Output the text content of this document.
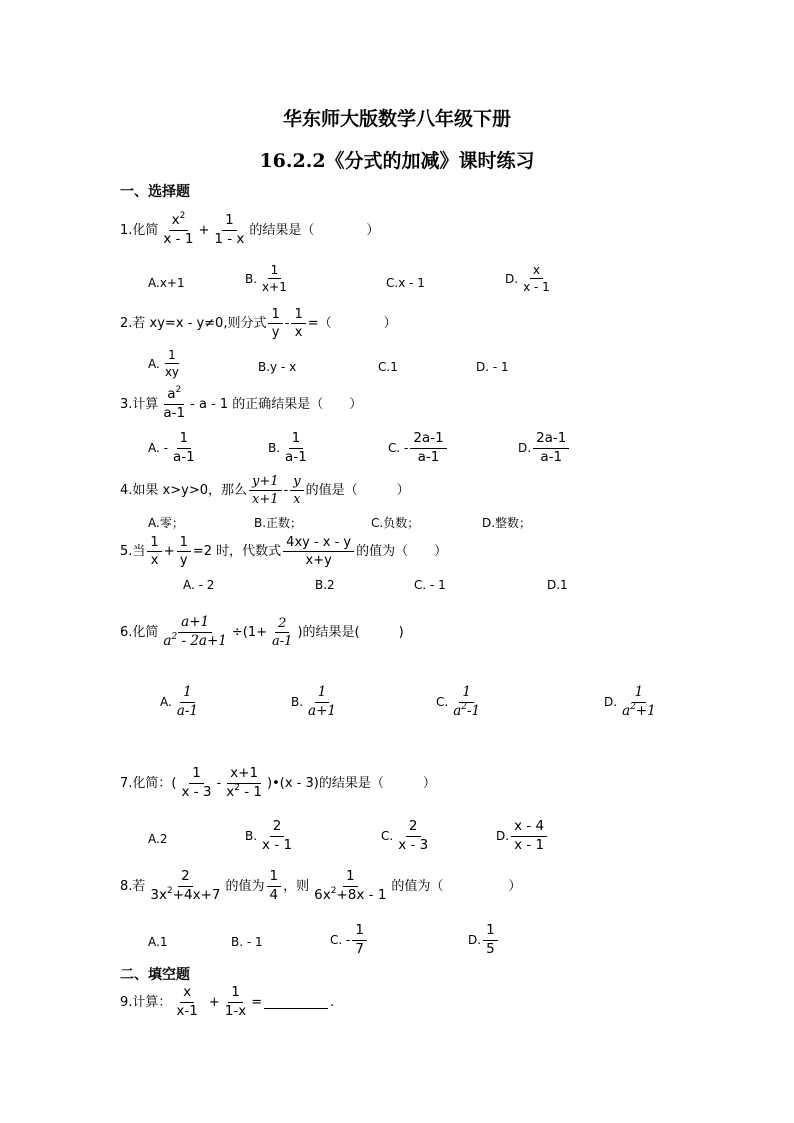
华东师大版数学八年级下册
16.2.2《分式的加减》课时练习
一、选择题
1.化简 $\frac{x^2}{x - 1} + \frac{1}{1 - x}$ 的结果是（　　　　）
A.x+1	B. $\frac{1}{x+1}$	C.x - 1	D. $\frac{x}{x - 1}$
2.若 xy=x - y≠0,则分式 $\frac{1}{y} - \frac{1}{x}$ =（　　　　）
A. $\frac{1}{xy}$	B.y - x	C.1	D. - 1
3.计算 $\frac{a^2}{a-1}$ - a - 1 的正确结果是（　　）
A. - $\frac{1}{a-1}$	B. $\frac{1}{a-1}$	C. - $\frac{2a-1}{a-1}$	D. $\frac{2a-1}{a-1}$
4.如果 x>y>0，那么 $\frac{y+1}{x+1} - \frac{y}{x}$ 的值是（　　　）
A.零；	B.正数；	C.负数；	D.整数；
5.当 $\frac{1}{x} + \frac{1}{y} =2$ 时，代数式 $\frac{4xy - x - y}{x+y}$ 的值为（　　）
A. - 2	B.2	C. - 1	D.1
6.化简 $\frac{a+1}{a^2 - 2a+1} \div(1+ \frac{2}{a-1}$ )的结果是(　　　)
A. $\frac{1}{a-1}$	B. $\frac{1}{a+1}$	C. $\frac{1}{a^2-1}$	D. $\frac{1}{a^2+1}$
7.化简：( $\frac{1}{x - 3} - \frac{x+1}{x^2 - 1}$ )•(x - 3) 的结果是（　　　）
A.2	B. $\frac{2}{x - 1}$	C. $\frac{2}{x - 3}$	D. $\frac{x - 4}{x - 1}$
8.若 $\frac{2}{3x^2+4x+7}$ 的值为 $\frac{1}{4}$ ，则 $\frac{1}{6x^2+8x - 1}$ 的值为（　　　　　）
A.1	B. - 1	C. - $\frac{1}{7}$	D. $\frac{1}{5}$
二、填空题
9.计算： $\frac{x}{x-1} + \frac{1}{1-x}$ =	.
